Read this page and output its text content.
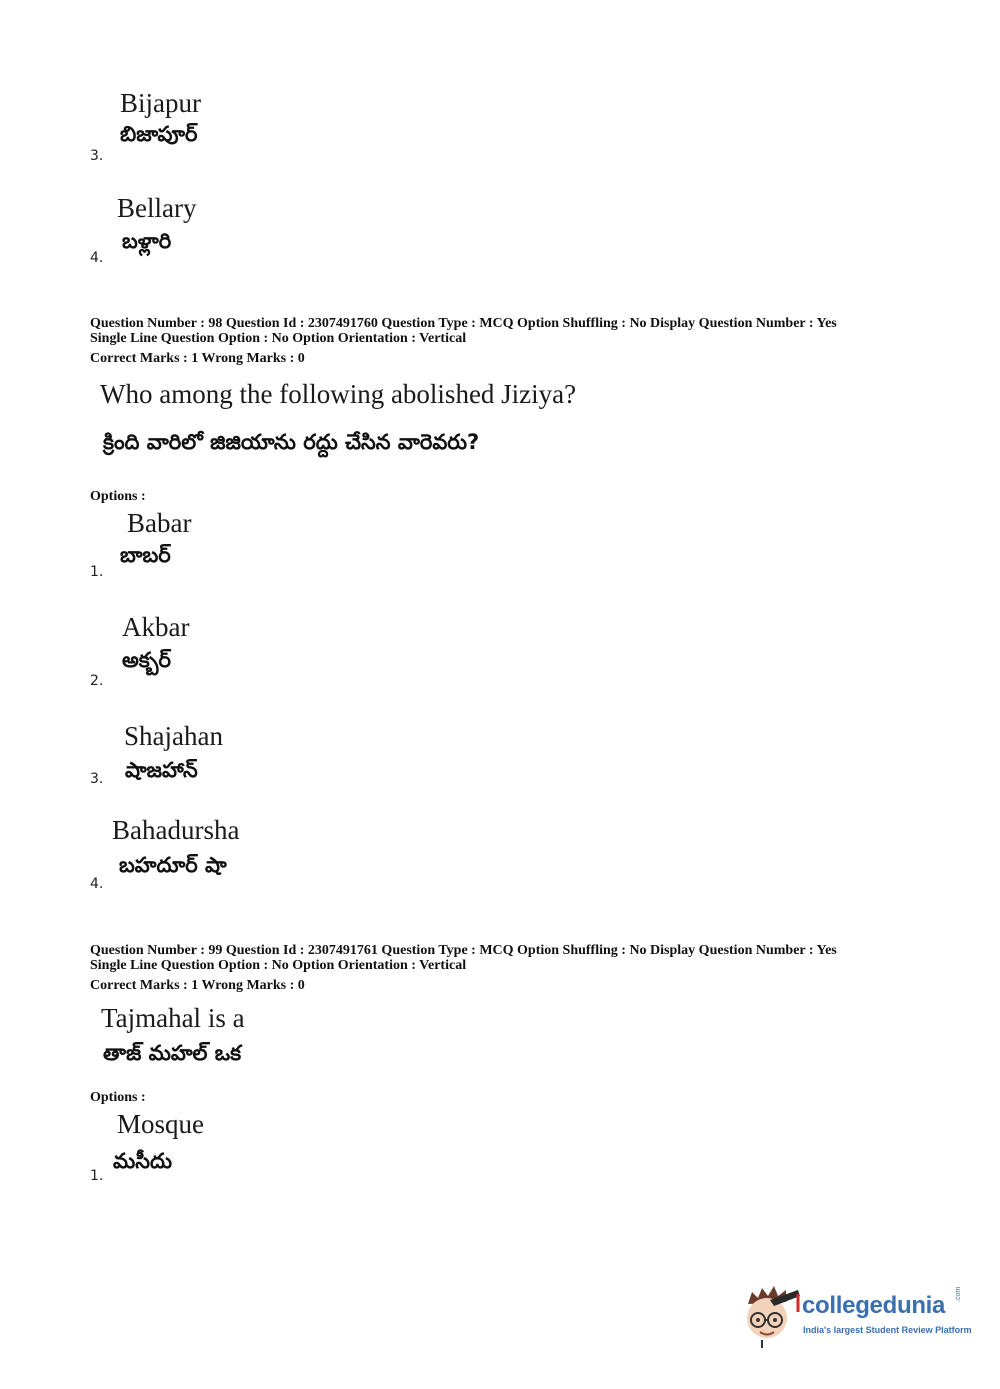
Bijapur
బిజాపూర్
3.
Bellary
బళ్లారి
4.
Question Number : 98 Question Id : 2307491760 Question Type : MCQ Option Shuffling : No Display Question Number : Yes
Single Line Question Option : No Option Orientation : Vertical
Correct Marks : 1 Wrong Marks : 0
Who among the following abolished Jiziya?
క్రింది వారిలో జిజియాను రద్దు చేసిన వారెవరు?
Options :
Babar
బాబర్
1.
Akbar
అక్బర్
2.
Shajahan
షాజహాన్
3.
Bahadursha
బహదూర్ షా
4.
Question Number : 99 Question Id : 2307491761 Question Type : MCQ Option Shuffling : No Display Question Number : Yes
Single Line Question Option : No Option Orientation : Vertical
Correct Marks : 1 Wrong Marks : 0
Tajmahal is a
తాజ్ మహల్ ఒక
Options :
Mosque
మసీదు
1.
collegedunia .com
India's largest Student Review Platform
